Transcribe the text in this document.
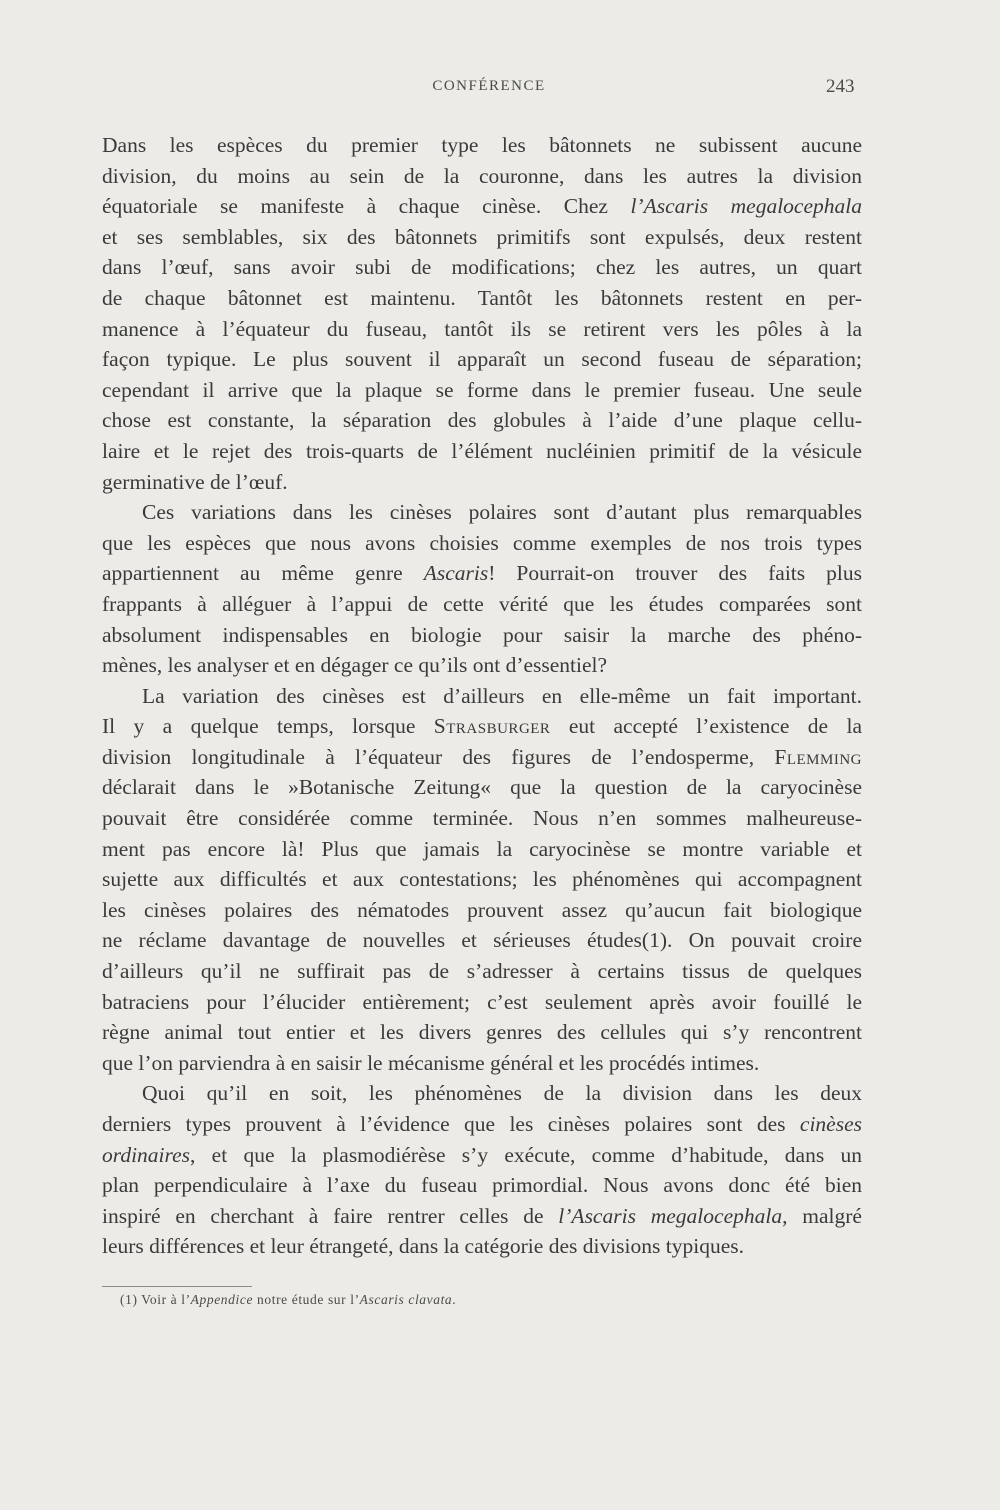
CONFÉRENCE	243
Dans les espèces du premier type les bâtonnets ne subissent aucune
division, du moins au sein de la couronne, dans les autres la division
équatoriale se manifeste à chaque cinèse. Chez l’Ascaris megalocephala
et ses semblables, six des bâtonnets primitifs sont expulsés, deux restent
dans l’œuf, sans avoir subi de modifications; chez les autres, un quart
de chaque bâtonnet est maintenu. Tantôt les bâtonnets restent en per-
manence à l’équateur du fuseau, tantôt ils se retirent vers les pôles à la
façon typique. Le plus souvent il apparaît un second fuseau de séparation;
cependant il arrive que la plaque se forme dans le premier fuseau. Une seule
chose est constante, la séparation des globules à l’aide d’une plaque cellu-
laire et le rejet des trois-quarts de l’élément nucléinien primitif de la vésicule
germinative de l’œuf.
Ces variations dans les cinèses polaires sont d’autant plus remarquables
que les espèces que nous avons choisies comme exemples de nos trois types
appartiennent au même genre Ascaris! Pourrait-on trouver des faits plus
frappants à alléguer à l’appui de cette vérité que les études comparées sont
absolument indispensables en biologie pour saisir la marche des phéno-
mènes, les analyser et en dégager ce qu’ils ont d’essentiel?
La variation des cinèses est d’ailleurs en elle-même un fait important.
Il y a quelque temps, lorsque Strasburger eut accepté l’existence de la
division longitudinale à l’équateur des figures de l’endosperme, Flemming
déclarait dans le »Botanische Zeitung« que la question de la caryocinèse
pouvait être considérée comme terminée. Nous n’en sommes malheureuse-
ment pas encore là! Plus que jamais la caryocinèse se montre variable et
sujette aux difficultés et aux contestations; les phénomènes qui accompagnent
les cinèses polaires des nématodes prouvent assez qu’aucun fait biologique
ne réclame davantage de nouvelles et sérieuses études(1). On pouvait croire
d’ailleurs qu’il ne suffirait pas de s’adresser à certains tissus de quelques
batraciens pour l’élucider entièrement; c’est seulement après avoir fouillé le
règne animal tout entier et les divers genres des cellules qui s’y rencontrent
que l’on parviendra à en saisir le mécanisme général et les procédés intimes.
Quoi qu’il en soit, les phénomènes de la division dans les deux
derniers types prouvent à l’évidence que les cinèses polaires sont des cinèses
ordinaires, et que la plasmodiérèse s’y exécute, comme d’habitude, dans un
plan perpendiculaire à l’axe du fuseau primordial. Nous avons donc été bien
inspiré en cherchant à faire rentrer celles de l’Ascaris megalocephala, malgré
leurs différences et leur étrangeté, dans la catégorie des divisions typiques.
(1) Voir à l’Appendice notre étude sur l’Ascaris clavata.
